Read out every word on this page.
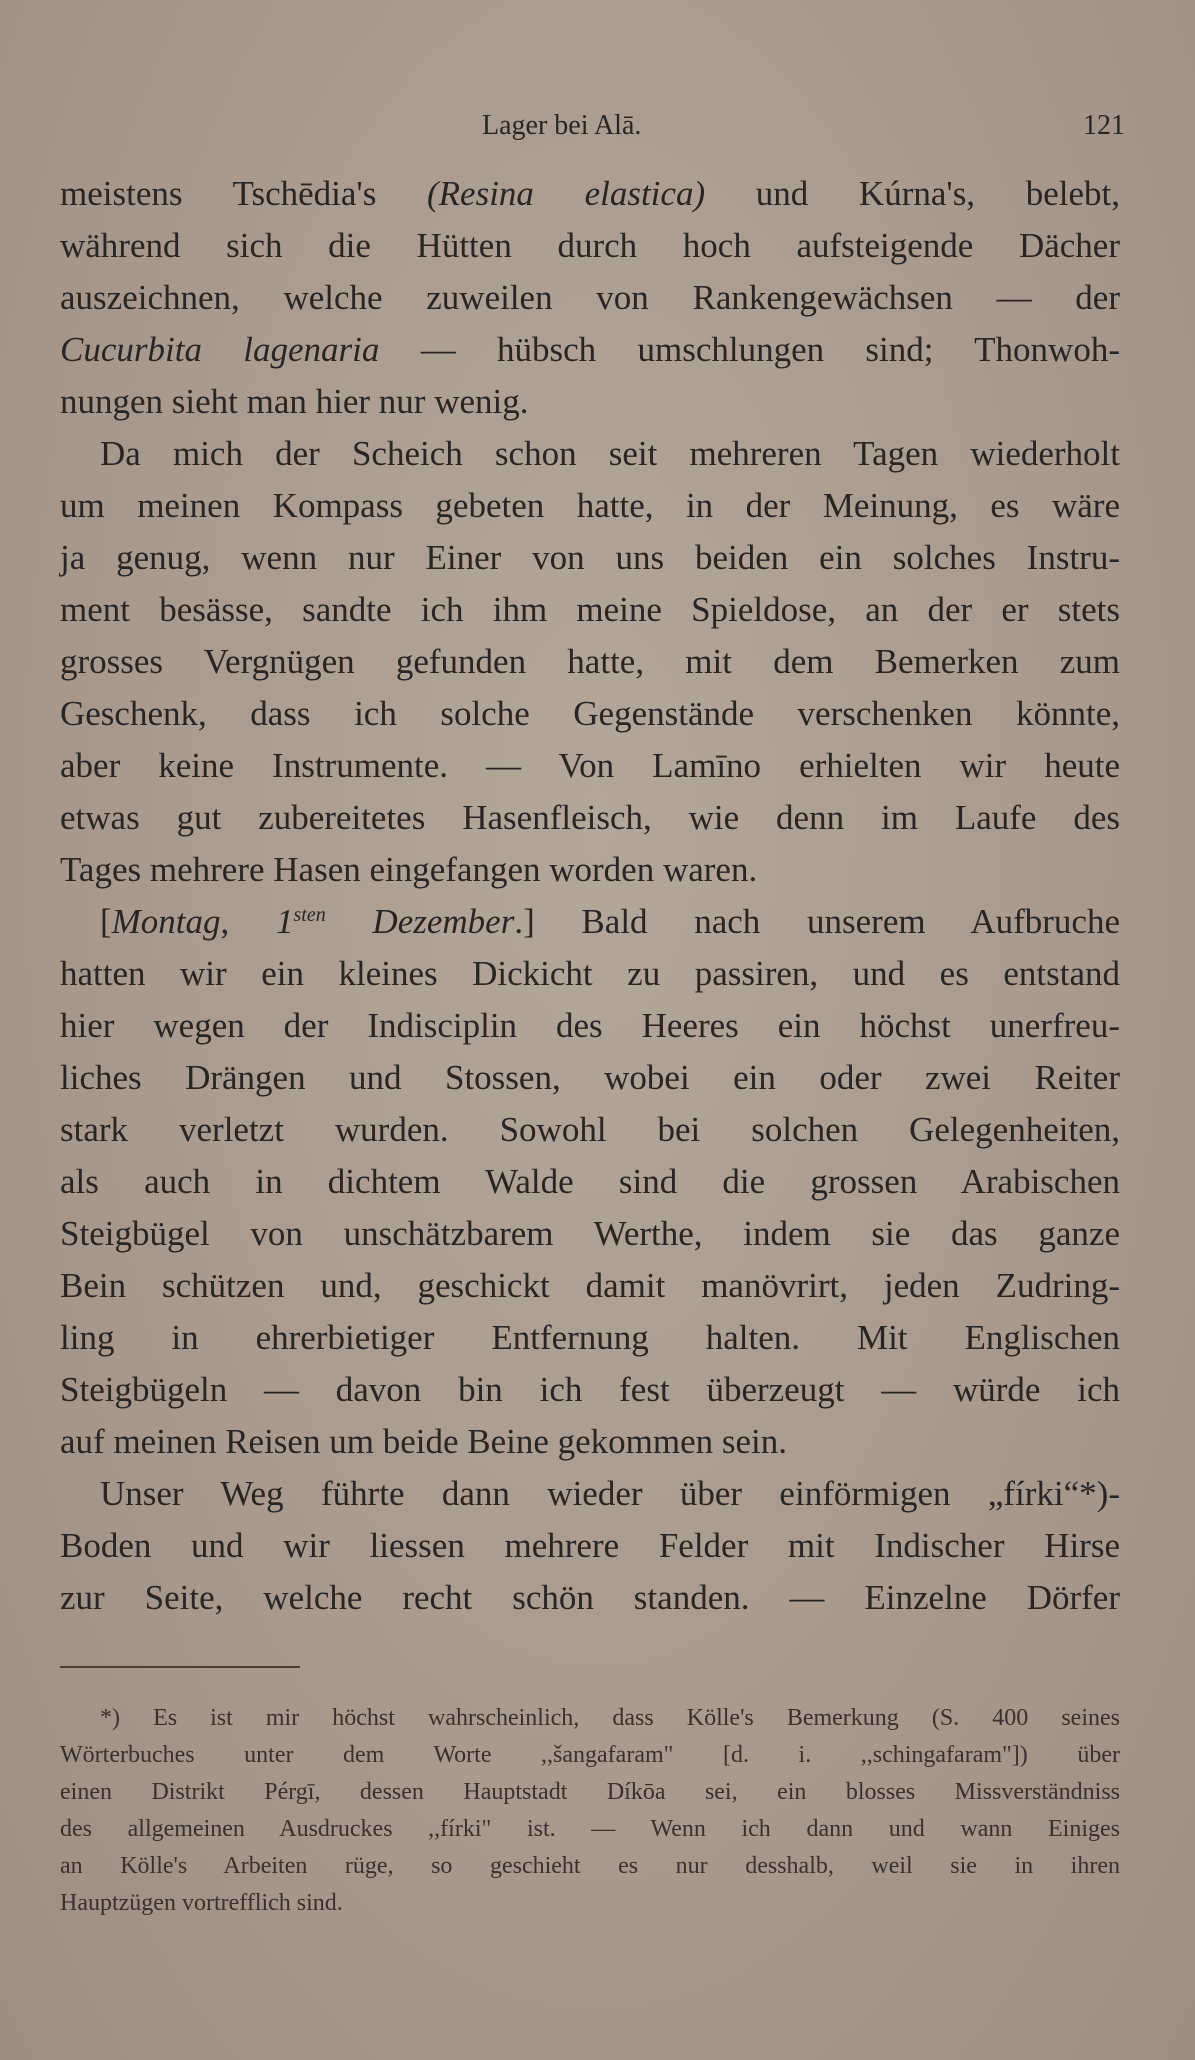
Lager bei Alā.	121
meistens Tschēdia's (Resina elastica) und Kúrna's, belebt,
während sich die Hütten durch hoch aufsteigende Dächer
auszeichnen, welche zuweilen von Rankengewächsen — der
Cucurbita lagenaria — hübsch umschlungen sind; Thonwoh-
nungen sieht man hier nur wenig.
Da mich der Scheich schon seit mehreren Tagen wiederholt
um meinen Kompass gebeten hatte, in der Meinung, es wäre
ja genug, wenn nur Einer von uns beiden ein solches Instru-
ment besässe, sandte ich ihm meine Spieldose, an der er stets
grosses Vergnügen gefunden hatte, mit dem Bemerken zum
Geschenk, dass ich solche Gegenstände verschenken könnte,
aber keine Instrumente. — Von Lamīno erhielten wir heute
etwas gut zubereitetes Hasenfleisch, wie denn im Laufe des
Tages mehrere Hasen eingefangen worden waren.
[Montag, $1^{sten}$ Dezember.] Bald nach unserem Aufbruche
hatten wir ein kleines Dickicht zu passiren, und es entstand
hier wegen der Indisciplin des Heeres ein höchst unerfreu-
liches Drängen und Stossen, wobei ein oder zwei Reiter
stark verletzt wurden. Sowohl bei solchen Gelegenheiten,
als auch in dichtem Walde sind die grossen Arabischen
Steigbügel von unschätzbarem Werthe, indem sie das ganze
Bein schützen und, geschickt damit manövrirt, jeden Zudring-
ling in ehrerbietiger Entfernung halten. Mit Englischen
Steigbügeln — davon bin ich fest überzeugt — würde ich
auf meinen Reisen um beide Beine gekommen sein.
Unser Weg führte dann wieder über einförmigen „fírki“*)-
Boden und wir liessen mehrere Felder mit Indischer Hirse
zur Seite, welche recht schön standen. — Einzelne Dörfer
*) Es ist mir höchst wahrscheinlich, dass Kölle's Bemerkung (S. 400 seines
Wörterbuches unter dem Worte ,,šangafaram" [d. i. ,,schingafaram"]) über
einen Distrikt Pérgī, dessen Hauptstadt Díkōa sei, ein blosses Missverständniss
des allgemeinen Ausdruckes ,,fírki" ist. — Wenn ich dann und wann Einiges
an Kölle's Arbeiten rüge, so geschieht es nur desshalb, weil sie in ihren
Hauptzügen vortrefflich sind.
